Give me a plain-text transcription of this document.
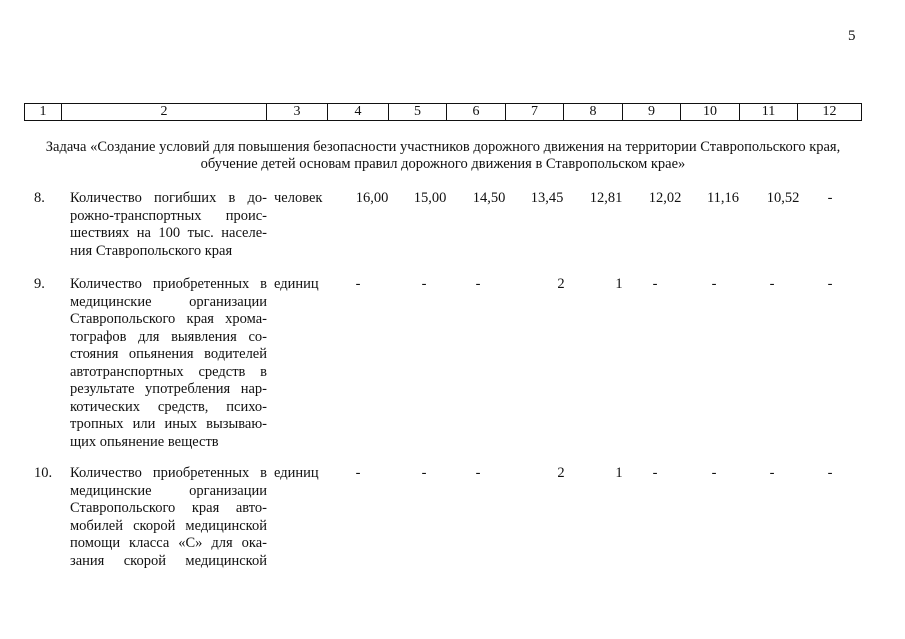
5
1	2	3	4	5	6	7	8	9	10	11	12
Задача «Создание условий для повышения безопасности участников дорожного движения на территории Ставропольского края,
обучение детей основам правил дорожного движения в Ставропольском крае»
8. Количество погибших в до-
рожно-транспортных проис-
шествиях на 100 тыс. населе-
ния Ставропольского края
человек	16,00	15,00	14,50	13,45	12,81	12,02	11,16	10,52	-
9. Количество приобретенных в
медицинские организации
Ставропольского края хрома-
тографов для выявления со-
стояния опьянения водителей
автотранспортных средств в
результате употребления нар-
котических средств, психо-
тропных или иных вызываю-
щих опьянение веществ
единиц	-	-	-	2	1	-	-	-	-
10. Количество приобретенных в
медицинские организации
Ставропольского края авто-
мобилей скорой медицинской
помощи класса «С» для ока-
зания скорой медицинской
единиц	-	-	-	2	1	-	-	-	-
